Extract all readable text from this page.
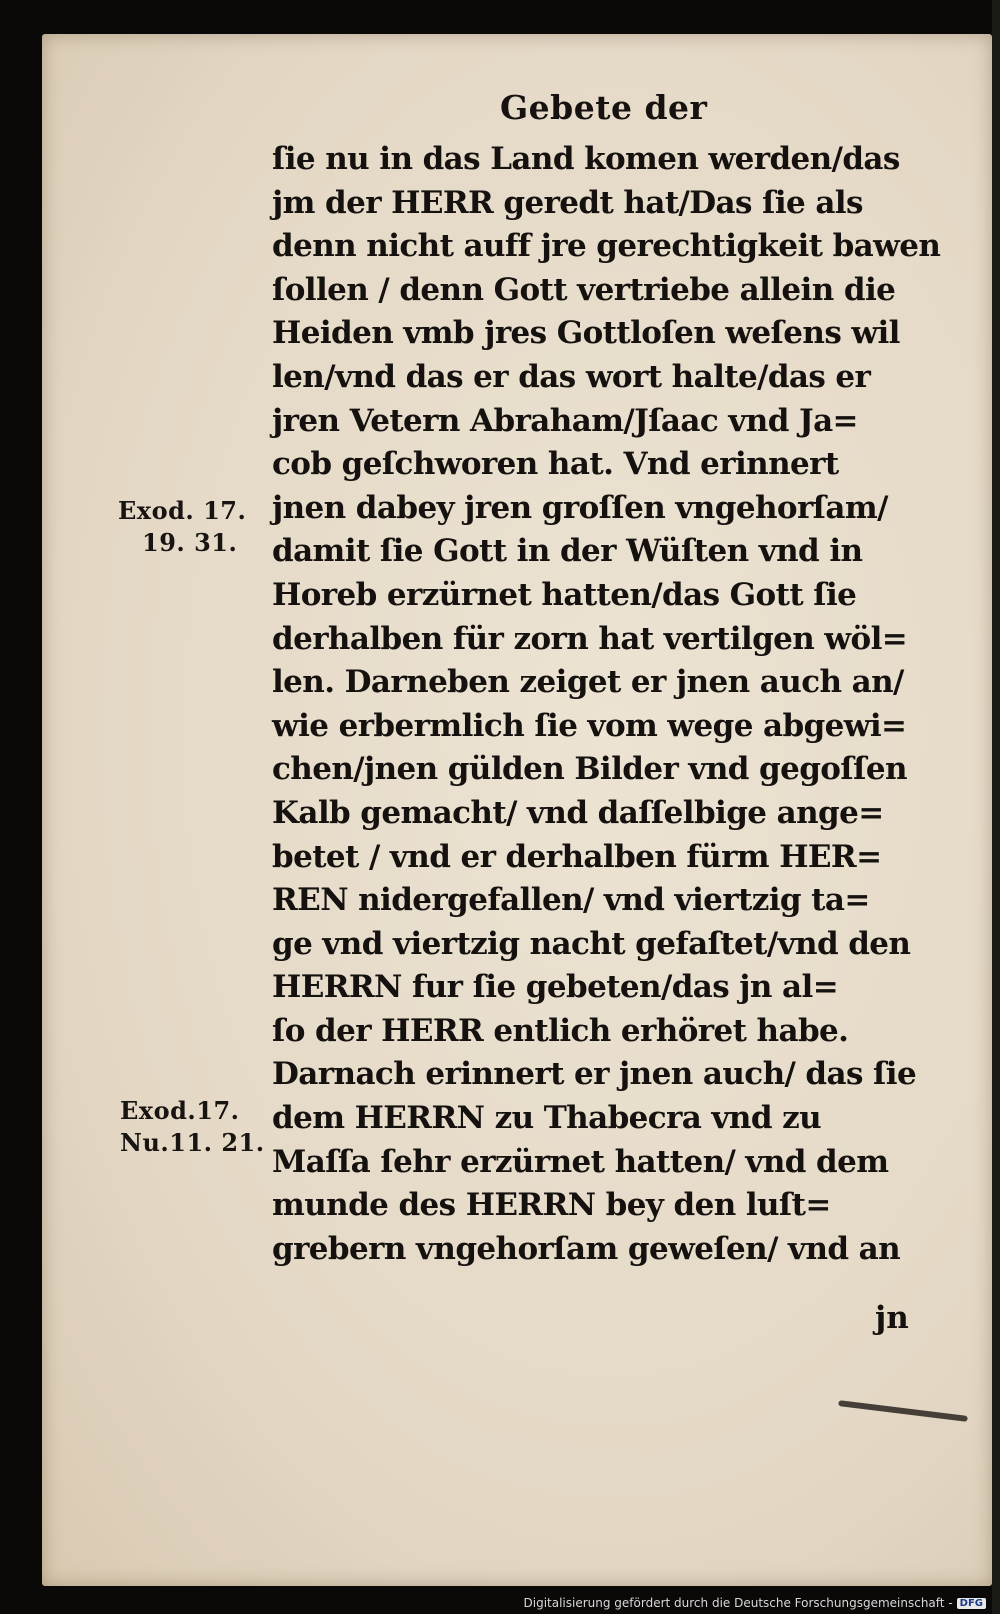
Gebete der
ſie nu in das Land komen werden/das
jm der HERR geredt hat/Das ſie als
denn nicht auff jre gerechtigkeit bawen
ſollen / denn Gott vertriebe allein die
Heiden vmb jres Gottloſen weſens wil
len/vnd das er das wort halte/das er
jren Vetern Abraham/Jſaac vnd Ja=
cob geſchworen hat. Vnd erinnert
jnen dabey jren groſſen vngehorſam/
damit ſie Gott in der Wüſten vnd in
Horeb erzürnet hatten/das Gott ſie
derhalben für zorn hat vertilgen wöl=
len. Darneben zeiget er jnen auch an/
wie erbermlich ſie vom wege abgewi=
chen/jnen gülden Bilder vnd gegoſſen
Kalb gemacht/ vnd daſſelbige ange=
betet / vnd er derhalben fürm HER=
REN nidergefallen/ vnd viertzig ta=
ge vnd viertzig nacht gefaſtet/vnd den
HERRN fur ſie gebeten/das jn al=
ſo der HERR entlich erhöret habe.
Darnach erinnert er jnen auch/ das ſie
dem HERRN zu Thabecra vnd zu
Maſſa ſehr erzürnet hatten/ vnd dem
munde des HERRN bey den luſt=
grebern vngehorſam geweſen/ vnd an
Exod. 17.
19. 31.
Exod.17.
Nu.11. 21.
jn
Digitalisierung gefördert durch die Deutsche Forschungsgemeinschaft - DFG
